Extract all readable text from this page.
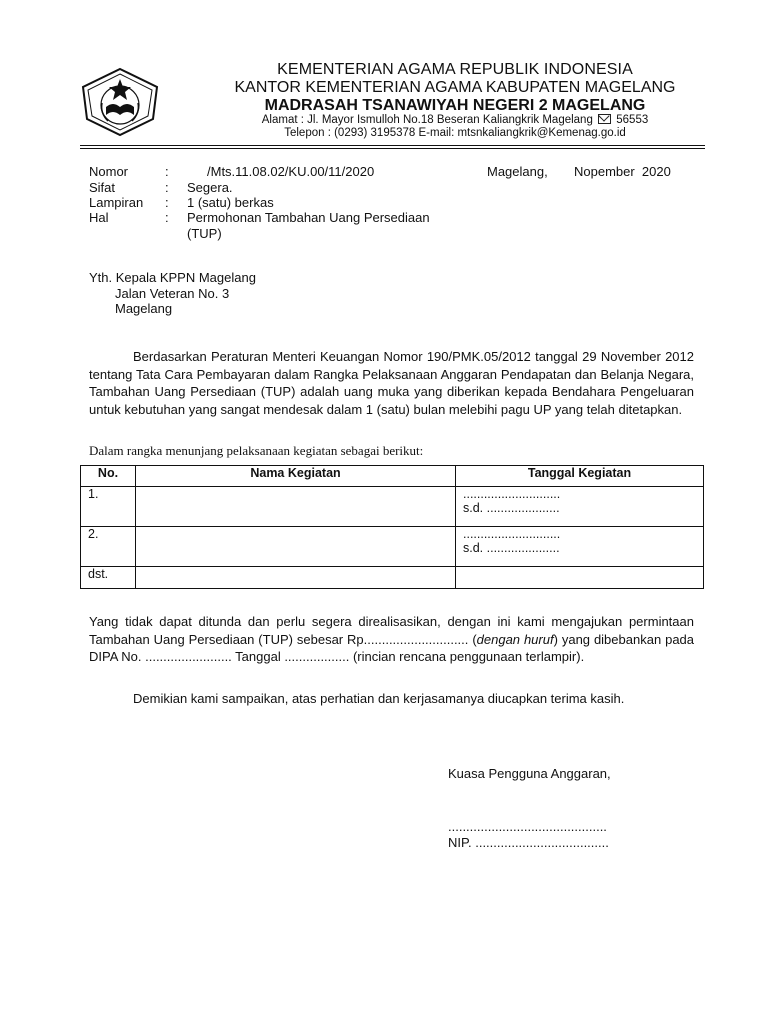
KEMENTERIAN AGAMA REPUBLIK INDONESIA
KANTOR KEMENTERIAN AGAMA KABUPATEN MAGELANG
MADRASAH TSANAWIYAH NEGERI 2 MAGELANG
Alamat : Jl. Mayor Ismulloh No.18 Beseran Kaliangkrik Magelang 56553
Telepon : (0293) 3195378 E-mail: mtsnkaliangkrik@Kemenag.go.id
Nomor	:	/Mts.11.08.02/KU.00/11/2020	Magelang, Nopember  2020
Sifat	: Segera.
Lampiran : 1 (satu) berkas
Hal	: Permohonan Tambahan Uang Persediaan
(TUP)
Yth. Kepala KPPN Magelang
Jalan Veteran No. 3
Magelang
Berdasarkan Peraturan Menteri Keuangan Nomor 190/PMK.05/2012 tanggal 29 November 2012 tentang Tata Cara Pembayaran dalam Rangka Pelaksanaan Anggaran Pendapatan dan Belanja Negara, Tambahan Uang Persediaan (TUP) adalah uang muka yang diberikan kepada Bendahara Pengeluaran untuk kebutuhan yang sangat mendesak dalam 1 (satu) bulan melebihi pagu UP yang telah ditetapkan.
Dalam rangka menunjang pelaksanaan kegiatan sebagai berikut:
No.	Nama Kegiatan	Tanggal Kegiatan
1.		............................
s.d. .....................

2.		............................
s.d. .....................

dst.		
Yang tidak dapat ditunda dan perlu segera direalisasikan, dengan ini kami mengajukan permintaan Tambahan Uang Persediaan (TUP) sebesar Rp............................. (dengan huruf) yang dibebankan pada DIPA No. ........................ Tanggal .................. (rincian rencana penggunaan terlampir).
Demikian kami sampaikan, atas perhatian dan kerjasamanya diucapkan terima kasih.
Kuasa Pengguna Anggaran,
............................................
NIP. .....................................
